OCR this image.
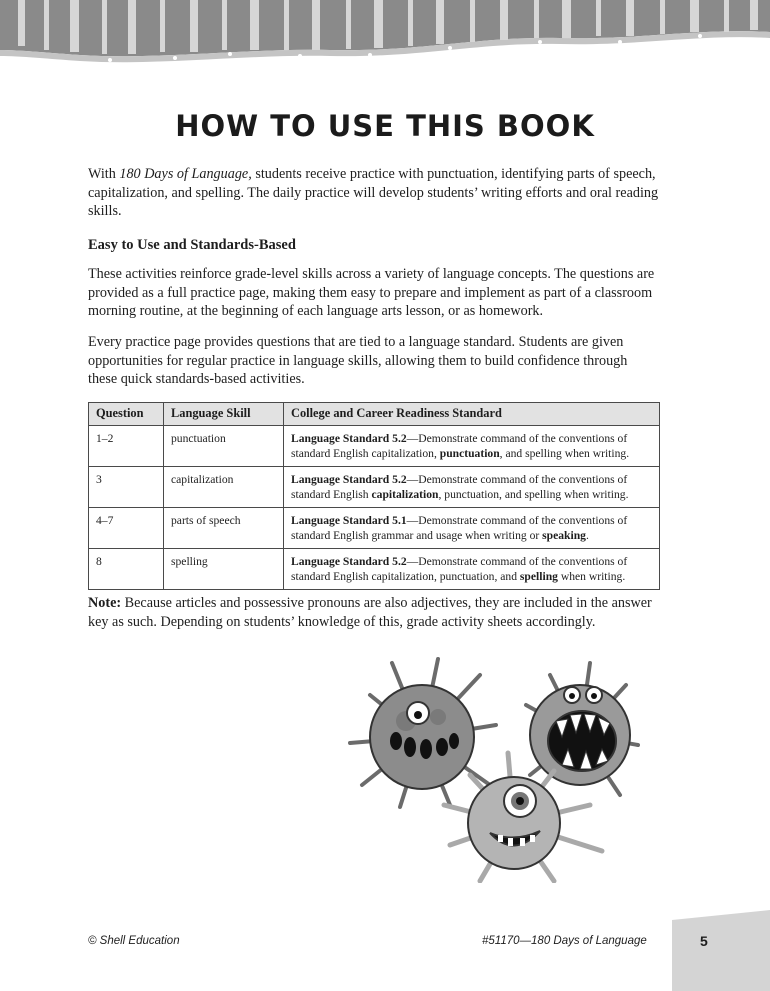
HOW TO USE THIS BOOK

With 180 Days of Language, students receive practice with punctuation, identifying parts of speech, capitalization, and spelling. The daily practice will develop students’ writing efforts and oral reading skills.

Easy to Use and Standards-Based

These activities reinforce grade-level skills across a variety of language concepts. The questions are provided as a full practice page, making them easy to prepare and implement as part of a classroom morning routine, at the beginning of each language arts lesson, or as homework.

Every practice page provides questions that are tied to a language standard. Students are given opportunities for regular practice in language skills, allowing them to build confidence through these quick standards-based activities.

Question	Language Skill	College and Career Readiness Standard
1–2	punctuation	Language Standard 5.2—Demonstrate command of the conventions of standard English capitalization, punctuation, and spelling when writing.
3	capitalization	Language Standard 5.2—Demonstrate command of the conventions of standard English capitalization, punctuation, and spelling when writing.
4–7	parts of speech	Language Standard 5.1—Demonstrate command of the conventions of standard English grammar and usage when writing or speaking.
8	spelling	Language Standard 5.2—Demonstrate command of the conventions of standard English capitalization, punctuation, and spelling when writing.

Note: Because articles and possessive pronouns are also adjectives, they are included in the answer key as such. Depending on students’ knowledge of this, grade activity sheets accordingly.

© Shell Education	#51170—180 Days of Language	5
